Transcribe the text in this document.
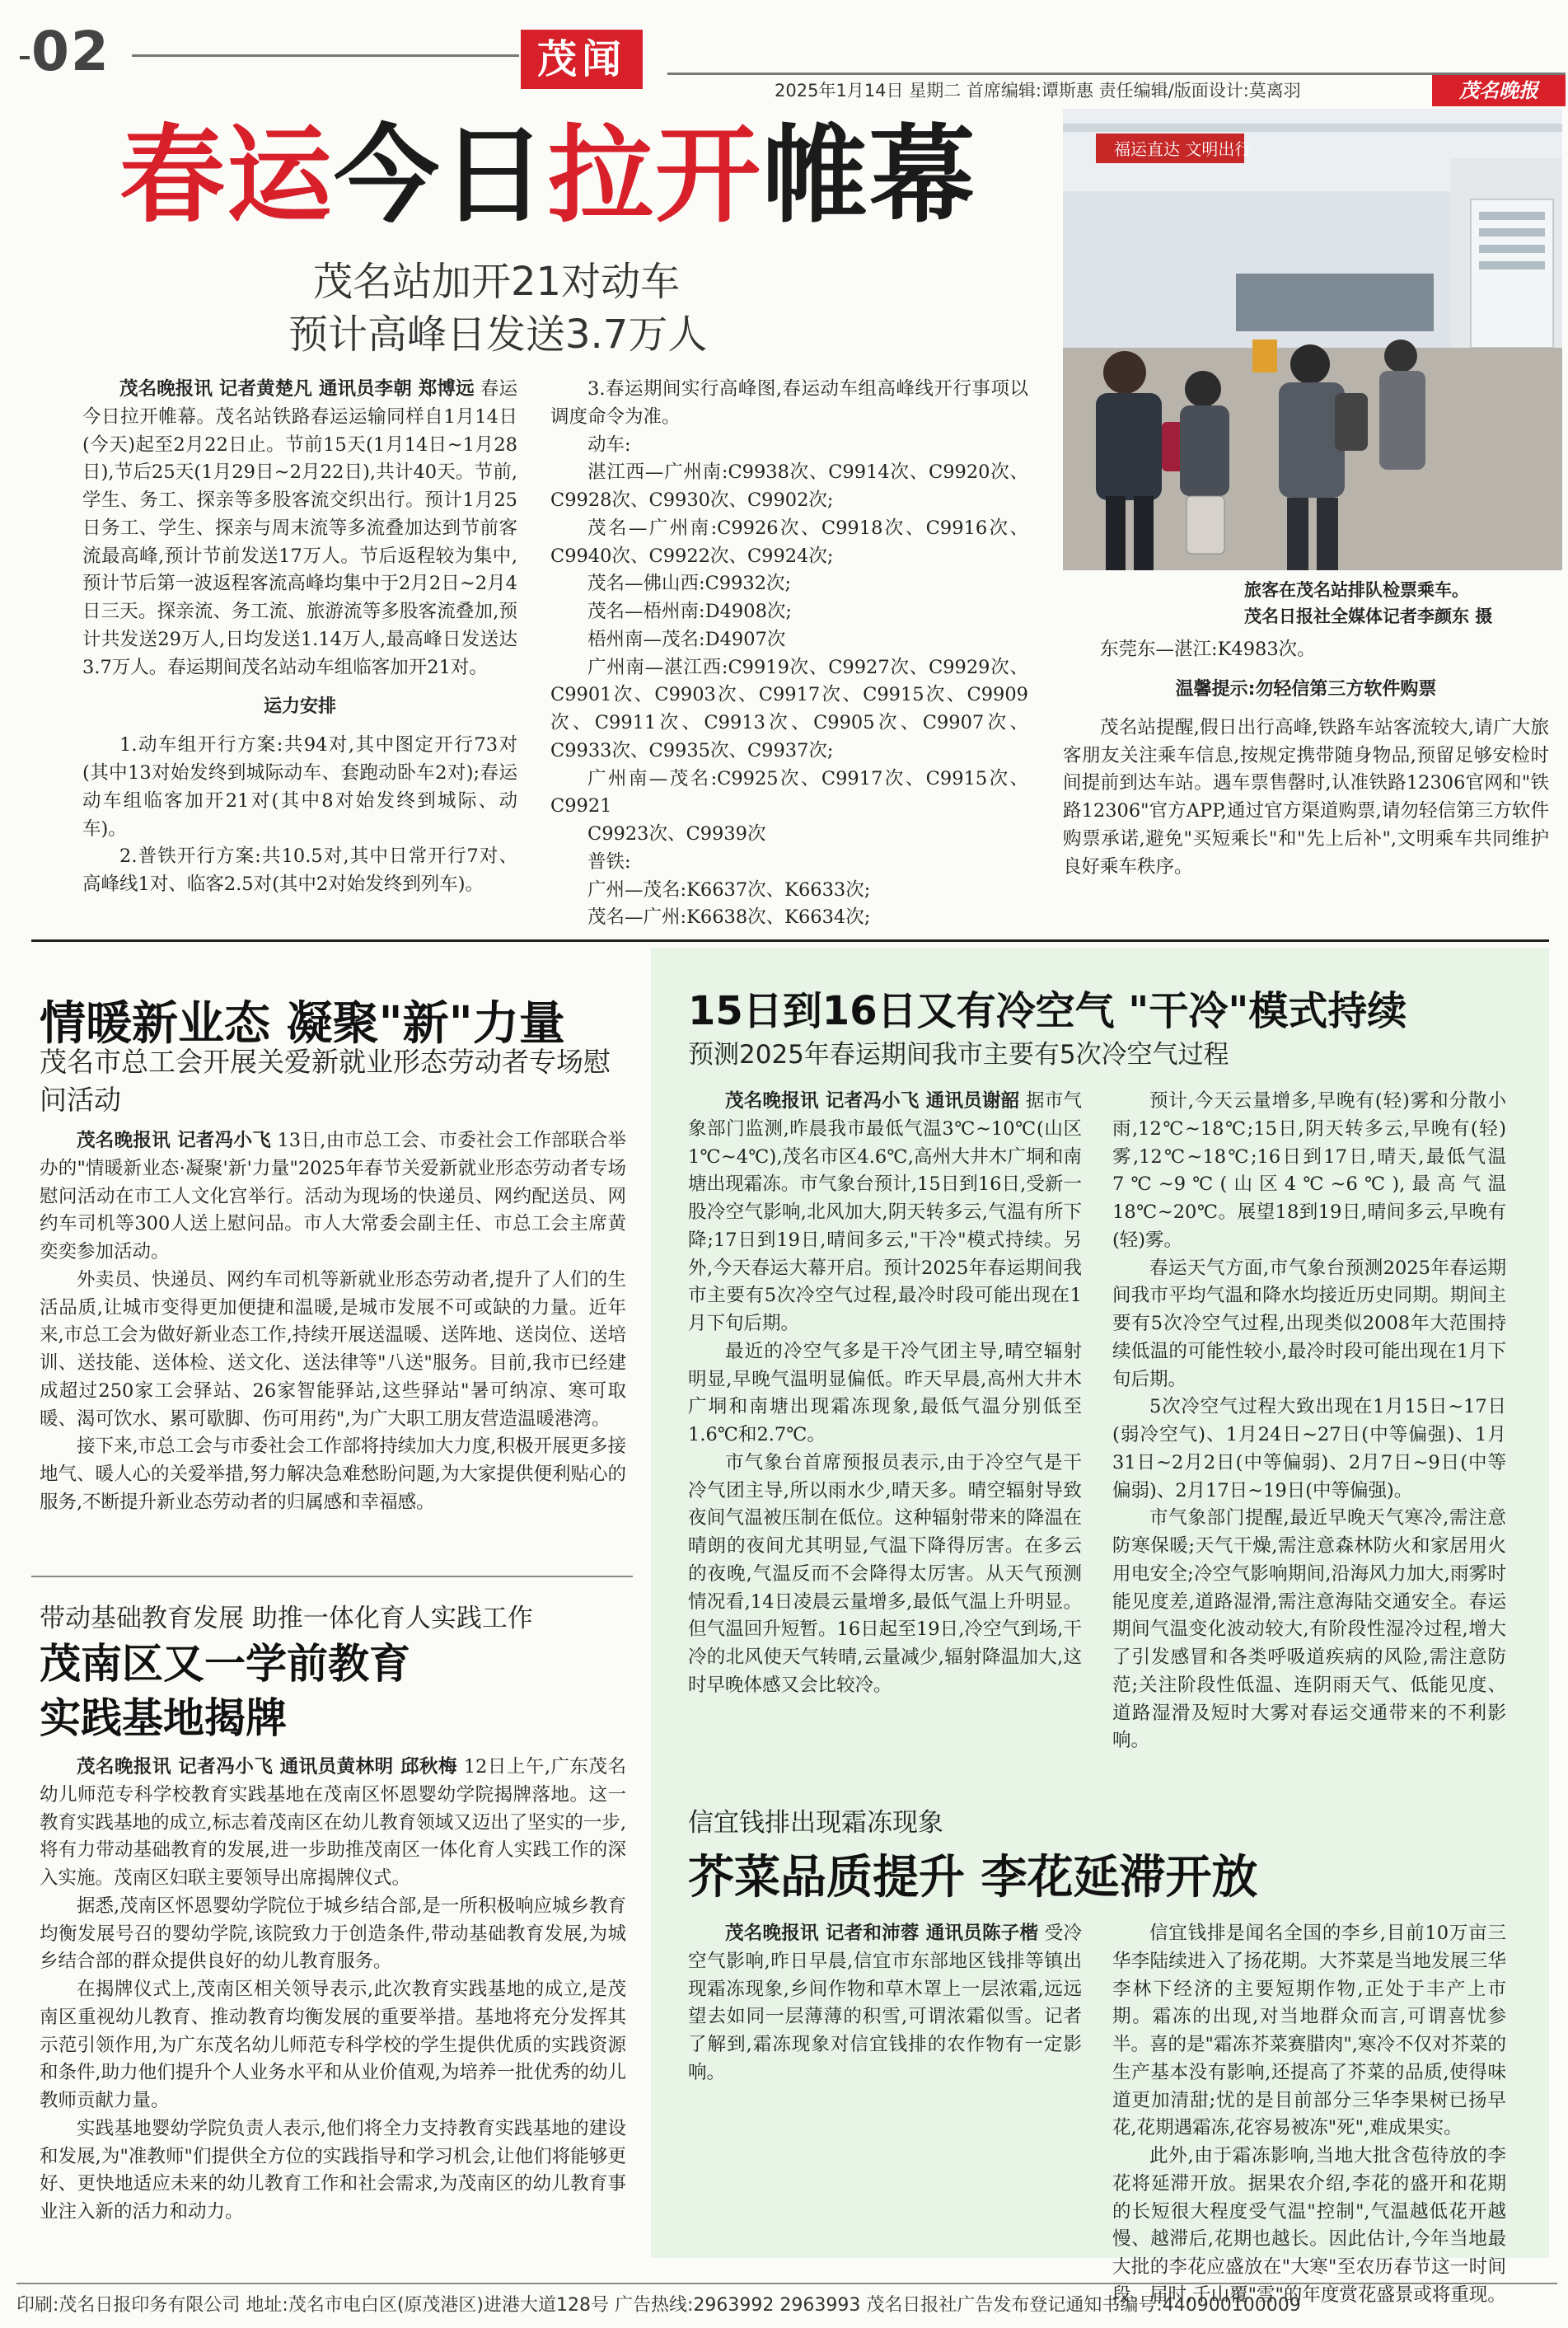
02	茂闻
2025年1月14日 星期二 首席编辑:谭斯惠 责任编辑/版面设计:莫离羽	茂名晚报
春运今日拉开帷幕
茂名站加开21对动车
预计高峰日发送3.7万人
福运直达 文明出行
旅客在茂名站排队检票乘车。
茂名日报社全媒体记者李颜东 摄

茂名晚报讯 记者黄楚凡 通讯员李朝 郑博远 春运今日拉开帷幕。茂名站铁路春运运输同样自1月14日(今天)起至2月22日止。节前15天(1月14日~1月28日),节后25天(1月29日~2月22日),共计40天。节前,学生、务工、探亲等多股客流交织出行。预计1月25日务工、学生、探亲与周末流等多流叠加达到节前客流最高峰,预计节前发送17万人。节后返程较为集中,预计节后第一波返程客流高峰均集中于2月2日~2月4日三天。探亲流、务工流、旅游流等多股客流叠加,预计共发送29万人,日均发送1.14万人,最高峰日发送达3.7万人。春运期间茂名站动车组临客加开21对。

运力安排

1.动车组开行方案:共94对,其中图定开行73对(其中13对始发终到城际动车、套跑动卧车2对);春运动车组临客加开21对(其中8对始发终到城际、动车)。

2.普铁开行方案:共10.5对,其中日常开行7对、高峰线1对、临客2.5对(其中2对始发终到列车)。

3.春运期间实行高峰图,春运动车组高峰线开行事项以调度命令为准。

动车:

湛江西—广州南:C9938次、C9914次、C9920次、C9928次、C9930次、C9902次;

茂名—广州南:C9926次、C9918次、C9916次、C9940次、C9922次、C9924次;

茂名—佛山西:C9932次;

茂名—梧州南:D4908次;

梧州南—茂名:D4907次

广州南—湛江西:C9919次、C9927次、C9929次、C9901次、C9903次、C9917次、C9915次、C9909次、C9911次、C9913次、C9905次、C9907次、C9933次、C9935次、C9937次;

广州南—茂名:C9925次、C9917次、C9915次、C9921

C9923次、C9939次

普铁:

广州—茂名:K6637次、K6633次;

茂名—广州:K6638次、K6634次;

东莞东—湛江:K4983次。

温馨提示:勿轻信第三方软件购票

茂名站提醒,假日出行高峰,铁路车站客流较大,请广大旅客朋友关注乘车信息,按规定携带随身物品,预留足够安检时间提前到达车站。遇车票售罄时,认准铁路12306官网和"铁路12306"官方APP,通过官方渠道购票,请勿轻信第三方软件购票承诺,避免"买短乘长"和"先上后补",文明乘车共同维护良好乘车秩序。

情暖新业态 凝聚"新"力量
茂名市总工会开展关爱新就业形态劳动者专场慰问活动

茂名晚报讯 记者冯小飞 13日,由市总工会、市委社会工作部联合举办的"情暖新业态·凝聚'新'力量"2025年春节关爱新就业形态劳动者专场慰问活动在市工人文化宫举行。活动为现场的快递员、网约配送员、网约车司机等300人送上慰问品。市人大常委会副主任、市总工会主席黄奕奕参加活动。

外卖员、快递员、网约车司机等新就业形态劳动者,提升了人们的生活品质,让城市变得更加便捷和温暖,是城市发展不可或缺的力量。近年来,市总工会为做好新业态工作,持续开展送温暖、送阵地、送岗位、送培训、送技能、送体检、送文化、送法律等"八送"服务。目前,我市已经建成超过250家工会驿站、26家智能驿站,这些驿站"暑可纳凉、寒可取暖、渴可饮水、累可歇脚、伤可用药",为广大职工朋友营造温暖港湾。

接下来,市总工会与市委社会工作部将持续加大力度,积极开展更多接地气、暖人心的关爱举措,努力解决急难愁盼问题,为大家提供便利贴心的服务,不断提升新业态劳动者的归属感和幸福感。

带动基础教育发展 助推一体化育人实践工作
茂南区又一学前教育
实践基地揭牌

茂名晚报讯 记者冯小飞 通讯员黄林明 邱秋梅 12日上午,广东茂名幼儿师范专科学校教育实践基地在茂南区怀恩婴幼学院揭牌落地。这一教育实践基地的成立,标志着茂南区在幼儿教育领域又迈出了坚实的一步,将有力带动基础教育的发展,进一步助推茂南区一体化育人实践工作的深入实施。茂南区妇联主要领导出席揭牌仪式。

据悉,茂南区怀恩婴幼学院位于城乡结合部,是一所积极响应城乡教育均衡发展号召的婴幼学院,该院致力于创造条件,带动基础教育发展,为城乡结合部的群众提供良好的幼儿教育服务。

在揭牌仪式上,茂南区相关领导表示,此次教育实践基地的成立,是茂南区重视幼儿教育、推动教育均衡发展的重要举措。基地将充分发挥其示范引领作用,为广东茂名幼儿师范专科学校的学生提供优质的实践资源和条件,助力他们提升个人业务水平和从业价值观,为培养一批优秀的幼儿教师贡献力量。

实践基地婴幼学院负责人表示,他们将全力支持教育实践基地的建设和发展,为"准教师"们提供全方位的实践指导和学习机会,让他们将能够更好、更快地适应未来的幼儿教育工作和社会需求,为茂南区的幼儿教育事业注入新的活力和动力。

15日到16日又有冷空气 "干冷"模式持续
预测2025年春运期间我市主要有5次冷空气过程

茂名晚报讯 记者冯小飞 通讯员谢韶 据市气象部门监测,昨晨我市最低气温3℃~10℃(山区1℃~4℃),茂名市区4.6℃,高州大井木广垌和南塘出现霜冻。市气象台预计,15日到16日,受新一股冷空气影响,北风加大,阴天转多云,气温有所下降;17日到19日,晴间多云,"干冷"模式持续。另外,今天春运大幕开启。预计2025年春运期间我市主要有5次冷空气过程,最冷时段可能出现在1月下旬后期。

最近的冷空气多是干冷气团主导,晴空辐射明显,早晚气温明显偏低。昨天早晨,高州大井木广垌和南塘出现霜冻现象,最低气温分别低至1.6℃和2.7℃。

市气象台首席预报员表示,由于冷空气是干冷气团主导,所以雨水少,晴天多。晴空辐射导致夜间气温被压制在低位。这种辐射带来的降温在晴朗的夜间尤其明显,气温下降得厉害。在多云的夜晚,气温反而不会降得太厉害。从天气预测情况看,14日凌晨云量增多,最低气温上升明显。但气温回升短暂。16日起至19日,冷空气到场,干冷的北风使天气转晴,云量减少,辐射降温加大,这时早晚体感又会比较冷。

预计,今天云量增多,早晚有(轻)雾和分散小雨,12℃~18℃;15日,阴天转多云,早晚有(轻)雾,12℃~18℃;16日到17日,晴天,最低气温7℃~9℃(山区4℃~6℃),最高气温18℃~20℃。展望18到19日,晴间多云,早晚有(轻)雾。

春运天气方面,市气象台预测2025年春运期间我市平均气温和降水均接近历史同期。期间主要有5次冷空气过程,出现类似2008年大范围持续低温的可能性较小,最冷时段可能出现在1月下旬后期。

5次冷空气过程大致出现在1月15日~17日(弱冷空气)、1月24日~27日(中等偏强)、1月31日~2月2日(中等偏弱)、2月7日~9日(中等偏弱)、2月17日~19日(中等偏强)。

市气象部门提醒,最近早晚天气寒冷,需注意防寒保暖;天气干燥,需注意森林防火和家居用火用电安全;冷空气影响期间,沿海风力加大,雨雾时能见度差,道路湿滑,需注意海陆交通安全。春运期间气温变化波动较大,有阶段性湿冷过程,增大了引发感冒和各类呼吸道疾病的风险,需注意防范;关注阶段性低温、连阴雨天气、低能见度、道路湿滑及短时大雾对春运交通带来的不利影响。

信宜钱排出现霜冻现象
芥菜品质提升 李花延滞开放

茂名晚报讯 记者和沛蓉 通讯员陈子楷 受冷空气影响,昨日早晨,信宜市东部地区钱排等镇出现霜冻现象,乡间作物和草木罩上一层浓霜,远远望去如同一层薄薄的积雪,可谓浓霜似雪。记者了解到,霜冻现象对信宜钱排的农作物有一定影响。

信宜钱排是闻名全国的李乡,目前10万亩三华李陆续进入了扬花期。大芥菜是当地发展三华李林下经济的主要短期作物,正处于丰产上市期。霜冻的出现,对当地群众而言,可谓喜忧参半。喜的是"霜冻芥菜赛腊肉",寒冷不仅对芥菜的生产基本没有影响,还提高了芥菜的品质,使得味道更加清甜;忧的是目前部分三华李果树已扬早花,花期遇霜冻,花容易被冻"死",难成果实。

此外,由于霜冻影响,当地大批含苞待放的李花将延滞开放。据果农介绍,李花的盛开和花期的长短很大程度受气温"控制",气温越低花开越慢、越滞后,花期也越长。因此估计,今年当地最大批的李花应盛放在"大寒"至农历春节这一时间段。届时,千山覆"雪"的年度赏花盛景或将重现。

印刷:茂名日报印务有限公司 地址:茂名市电白区(原茂港区)进港大道128号 广告热线:2963992 2963993 茂名日报社广告发布登记通知书编号:440900100009
